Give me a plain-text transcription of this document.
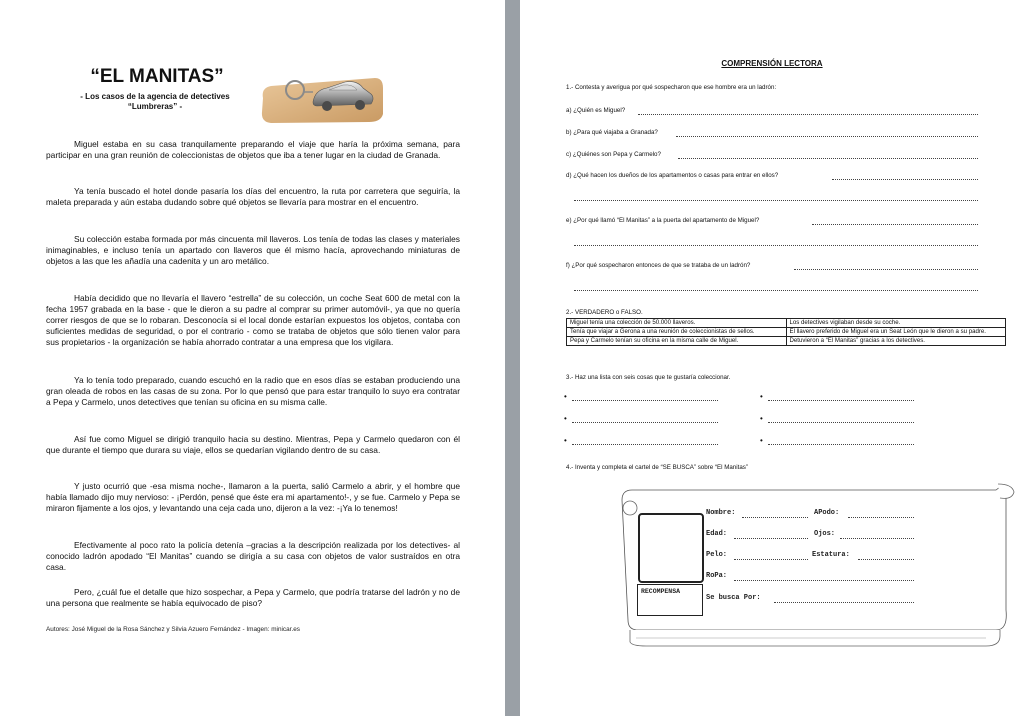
“EL MANITAS”
- Los casos de la agencia de detectives
“Lumbreras” -

Miguel estaba en su casa tranquilamente preparando el viaje que haría la próxima semana, para participar en una gran reunión de coleccionistas de objetos que iba a tener lugar en la ciudad de Granada.

Ya tenía buscado el hotel donde pasaría los días del encuentro, la ruta por carretera que seguiría, la maleta preparada y aún estaba dudando sobre qué objetos se llevaría para mostrar en el encuentro.

Su colección estaba formada por más cincuenta mil llaveros. Los tenía de todas las clases y materiales inimaginables, e incluso tenía un apartado con llaveros que él mismo hacía, aprovechando miniaturas de objetos a las que les añadía una cadenita y un aro metálico.

Había decidido que no llevaría el llavero “estrella” de su colección, un coche Seat 600 de metal con la fecha 1957 grabada en la base - que le dieron a su padre al comprar su primer automóvil-, ya que no quería correr riesgos de que se lo robaran. Desconocía si el local donde estarían expuestos los objetos, contaba con suficientes medidas de seguridad, o por el contrario - como se trataba de objetos que sólo tienen valor para sus propietarios - la organización se había ahorrado contratar a una empresa que los vigilara.

Ya lo tenía todo preparado, cuando escuchó en la radio que en esos días se estaban produciendo una gran oleada de robos en las casas de su zona. Por lo que pensó que para estar tranquilo lo suyo era contratar a Pepa y Carmelo, unos detectives que tenían su oficina en su misma calle.

Así fue como Miguel se dirigió tranquilo hacia su destino. Mientras, Pepa y Carmelo quedaron con él que durante el tiempo que durara su viaje, ellos se quedarían vigilando dentro de su casa.

Y justo ocurrió que -esa misma noche-, llamaron a la puerta, salió Carmelo a abrir, y el hombre que había llamado dijo muy nervioso: - ¡Perdón, pensé que éste era mi apartamento!-, y se fue. Carmelo y Pepa se miraron fijamente a los ojos, y levantando una ceja cada uno, dijeron a la vez: -¡Ya lo tenemos!

Efectivamente al poco rato la policía detenía –gracias a la descripción realizada por los detectives- al conocido ladrón apodado “El Manitas” cuando se dirigía a su casa con objetos de valor sustraídos en otra casa.

Pero, ¿cuál fue el detalle que hizo sospechar, a Pepa y Carmelo, que podría tratarse del ladrón y no de una persona que realmente se había equivocado de piso?

Autores: José Miguel de la Rosa Sánchez y Silvia Azuero Fernández - Imagen: minicar.es
COMPRENSIÓN LECTORA
1.- Contesta y averigua por qué sospecharon que ese hombre era un ladrón:
a) ¿Quién es Miguel?
b) ¿Para qué viajaba a Granada?
c) ¿Quiénes son Pepa y Carmelo?
d) ¿Qué hacen los dueños de los apartamentos o casas para entrar en ellos?
e) ¿Por qué llamó “El Manitas” a la puerta del apartamento de Miguel?
f) ¿Por qué sospecharon entonces de que se trataba de un ladrón?
2.- VERDADERO o FALSO.
Miguel tenía una colección de 50.000 llaveros.	Los detectives vigilaban desde su coche.
Tenía que viajar a Gerona a una reunión de coleccionistas de sellos.	El llavero preferido de Miguel era un Seat León que le dieron a su padre.
Pepa y Carmelo tenían su oficina en la misma calle de Miguel.	Detuvieron a “El Manitas” gracias a los detectives.
3.- Haz una lista con seis cosas que te gustaría coleccionar.
•	•
•	•
•	•
4.- Inventa y completa el cartel de “SE BUSCA” sobre “El Manitas”
RECOMPENSA
Nombre:	APodo:
Edad:	Ojos:
Pelo:	Estatura:
RoPa:
Se busca Por:
